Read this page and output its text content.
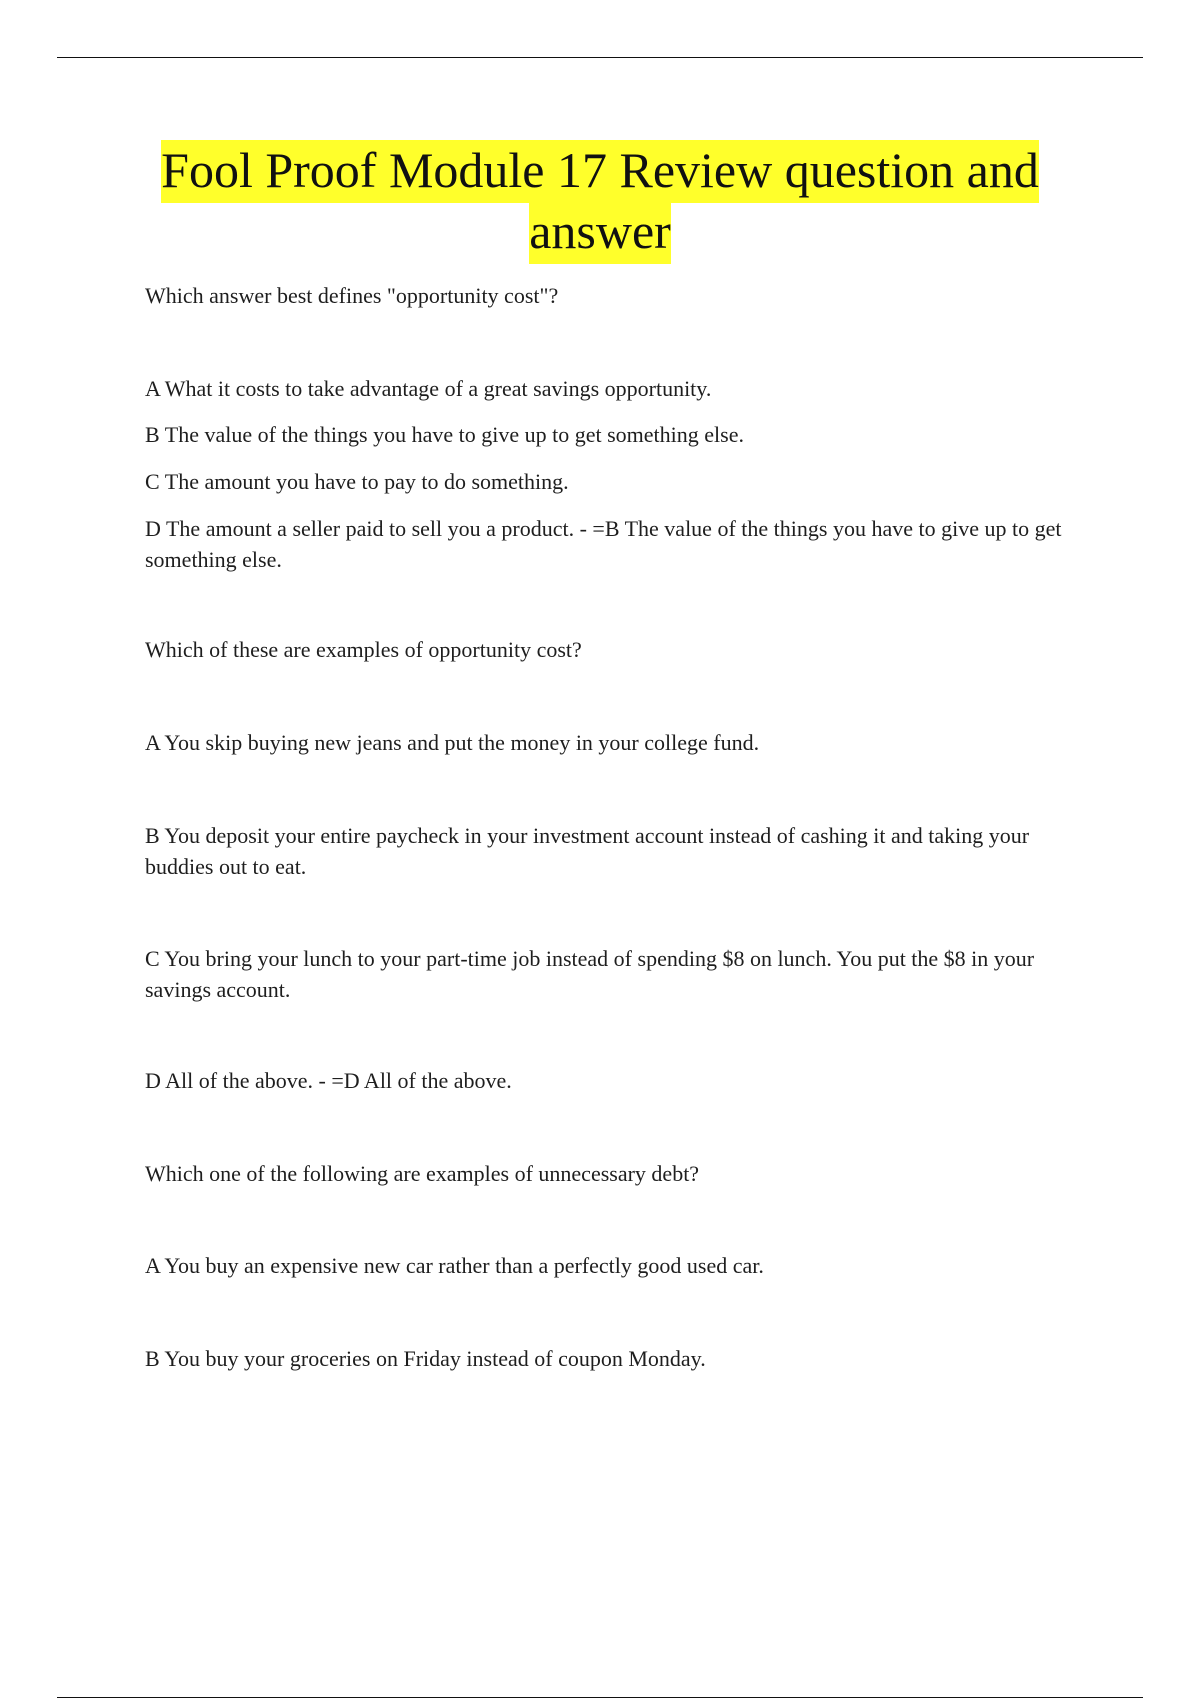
Fool Proof Module 17 Review question and answer

Which answer best defines "opportunity cost"?

A What it costs to take advantage of a great savings opportunity.

B The value of the things you have to give up to get something else.

C The amount you have to pay to do something.

D The amount a seller paid to sell you a product. - =B The value of the things you have to give up to get something else.

Which of these are examples of opportunity cost?

A You skip buying new jeans and put the money in your college fund.

B You deposit your entire paycheck in your investment account instead of cashing it and taking your buddies out to eat.

C You bring your lunch to your part-time job instead of spending $8 on lunch. You put the $8 in your savings account.

D All of the above. - =D All of the above.

Which one of the following are examples of unnecessary debt?

A You buy an expensive new car rather than a perfectly good used car.

B You buy your groceries on Friday instead of coupon Monday.
